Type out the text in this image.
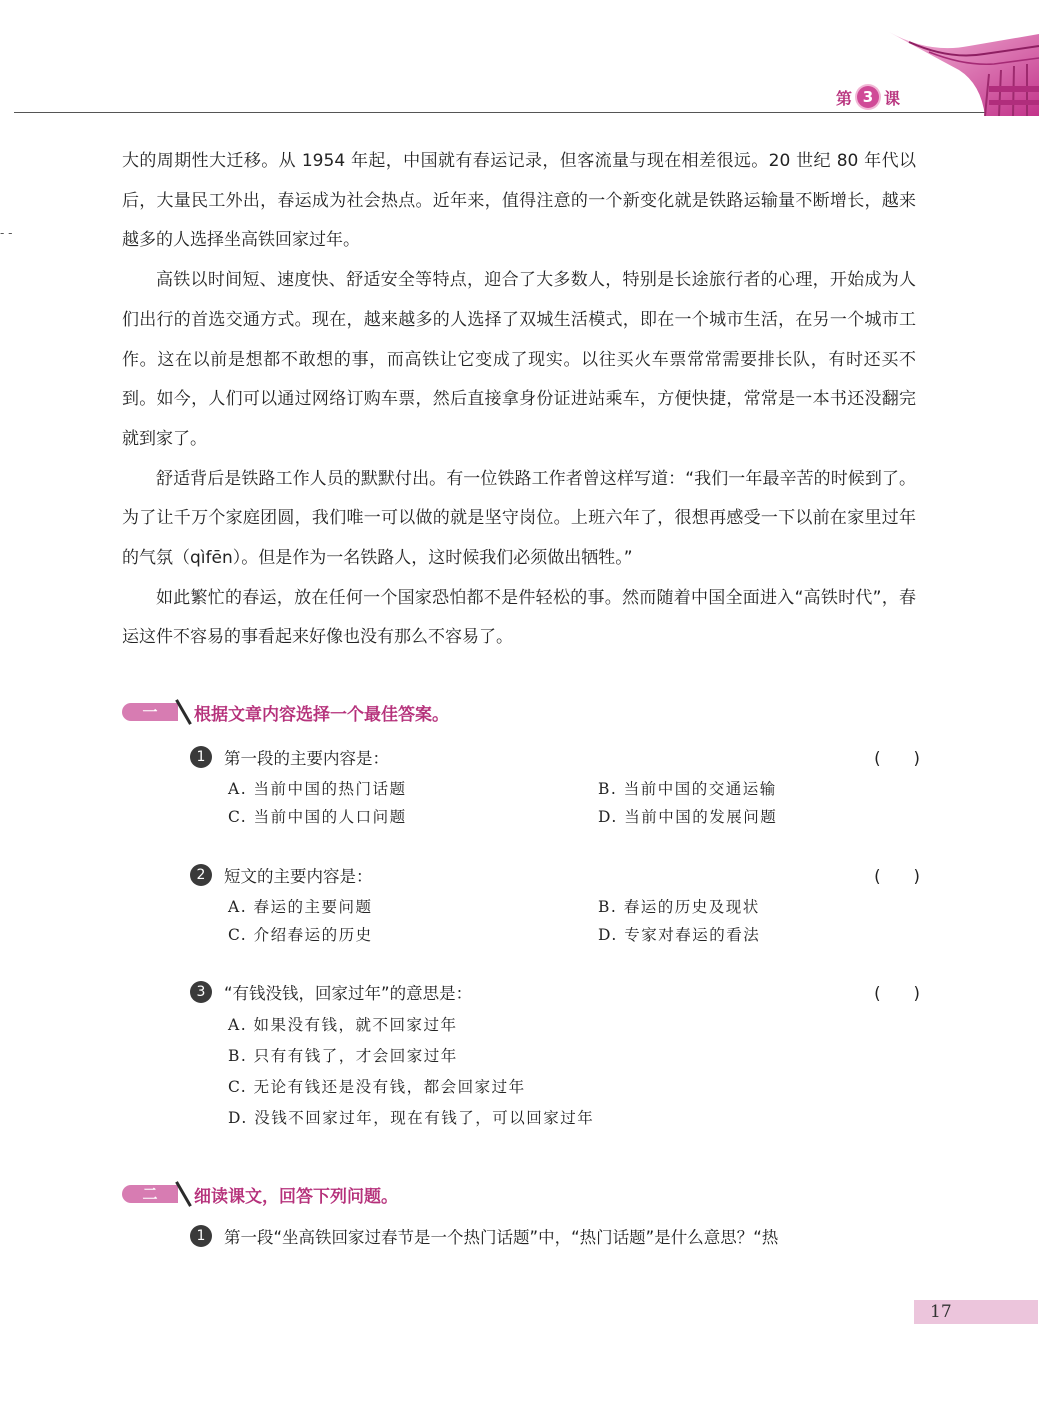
第 3 课
- -

大的周期性大迁移。从 1954 年起，中国就有春运记录，但客流量与现在相差很远。20 世纪 80 年代以后，大量民工外出，春运成为社会热点。近年来，值得注意的一个新变化就是铁路运输量不断增长，越来越多的人选择坐高铁回家过年。

高铁以时间短、速度快、舒适安全等特点，迎合了大多数人，特别是长途旅行者的心理，开始成为人们出行的首选交通方式。现在，越来越多的人选择了双城生活模式，即在一个城市生活，在另一个城市工作。这在以前是想都不敢想的事，而高铁让它变成了现实。以往买火车票常常需要排长队，有时还买不到。如今，人们可以通过网络订购车票，然后直接拿身份证进站乘车，方便快捷，常常是一本书还没翻完就到家了。

舒适背后是铁路工作人员的默默付出。有一位铁路工作者曾这样写道：“我们一年最辛苦的时候到了。为了让千万个家庭团圆，我们唯一可以做的就是坚守岗位。上班六年了，很想再感受一下以前在家里过年的气氛（qìfēn）。但是作为一名铁路人，这时候我们必须做出牺牲。”

如此繁忙的春运，放在任何一个国家恐怕都不是件轻松的事。然而随着中国全面进入“高铁时代”，春运这件不容易的事看起来好像也没有那么不容易了。

一	根据文章内容选择一个最佳答案。
1	第一段的主要内容是：	(　　)
A. 当前中国的热门话题	B. 当前中国的交通运输
C. 当前中国的人口问题	D. 当前中国的发展问题
2	短文的主要内容是：	(　　)
A. 春运的主要问题	B. 春运的历史及现状
C. 介绍春运的历史	D. 专家对春运的看法
3	“有钱没钱，回家过年”的意思是：	(　　)
A. 如果没有钱，就不回家过年
B. 只有有钱了，才会回家过年
C. 无论有钱还是没有钱，都会回家过年
D. 没钱不回家过年，现在有钱了，可以回家过年
二	细读课文，回答下列问题。
1	第一段“坐高铁回家过春节是一个热门话题”中，“热门话题”是什么意思？“热
17
